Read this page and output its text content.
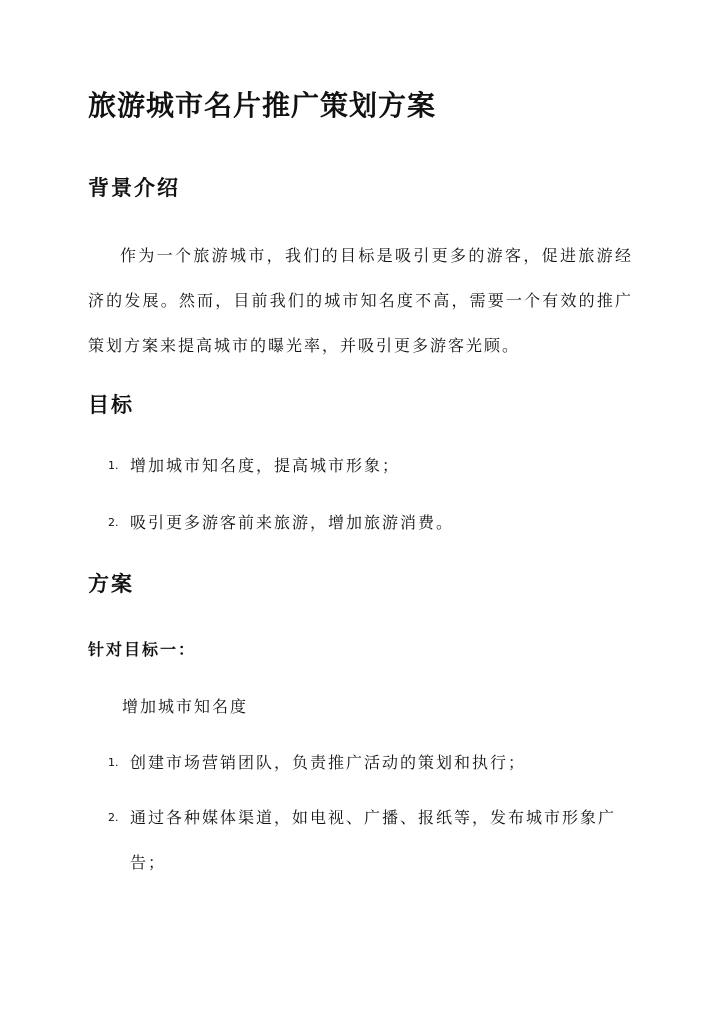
旅游城市名片推广策划方案
背景介绍

作为一个旅游城市，我们的目标是吸引更多的游客，促进旅游经济的发展。然而，目前我们的城市知名度不高，需要一个有效的推广策划方案来提高城市的曝光率，并吸引更多游客光顾。

目标
1. 增加城市知名度，提高城市形象；
2. 吸引更多游客前来旅游，增加旅游消费。
方案
针对目标一：

增加城市知名度

1. 创建市场营销团队，负责推广活动的策划和执行；
2. 通过各种媒体渠道，如电视、广播、报纸等，发布城市形象广告；
